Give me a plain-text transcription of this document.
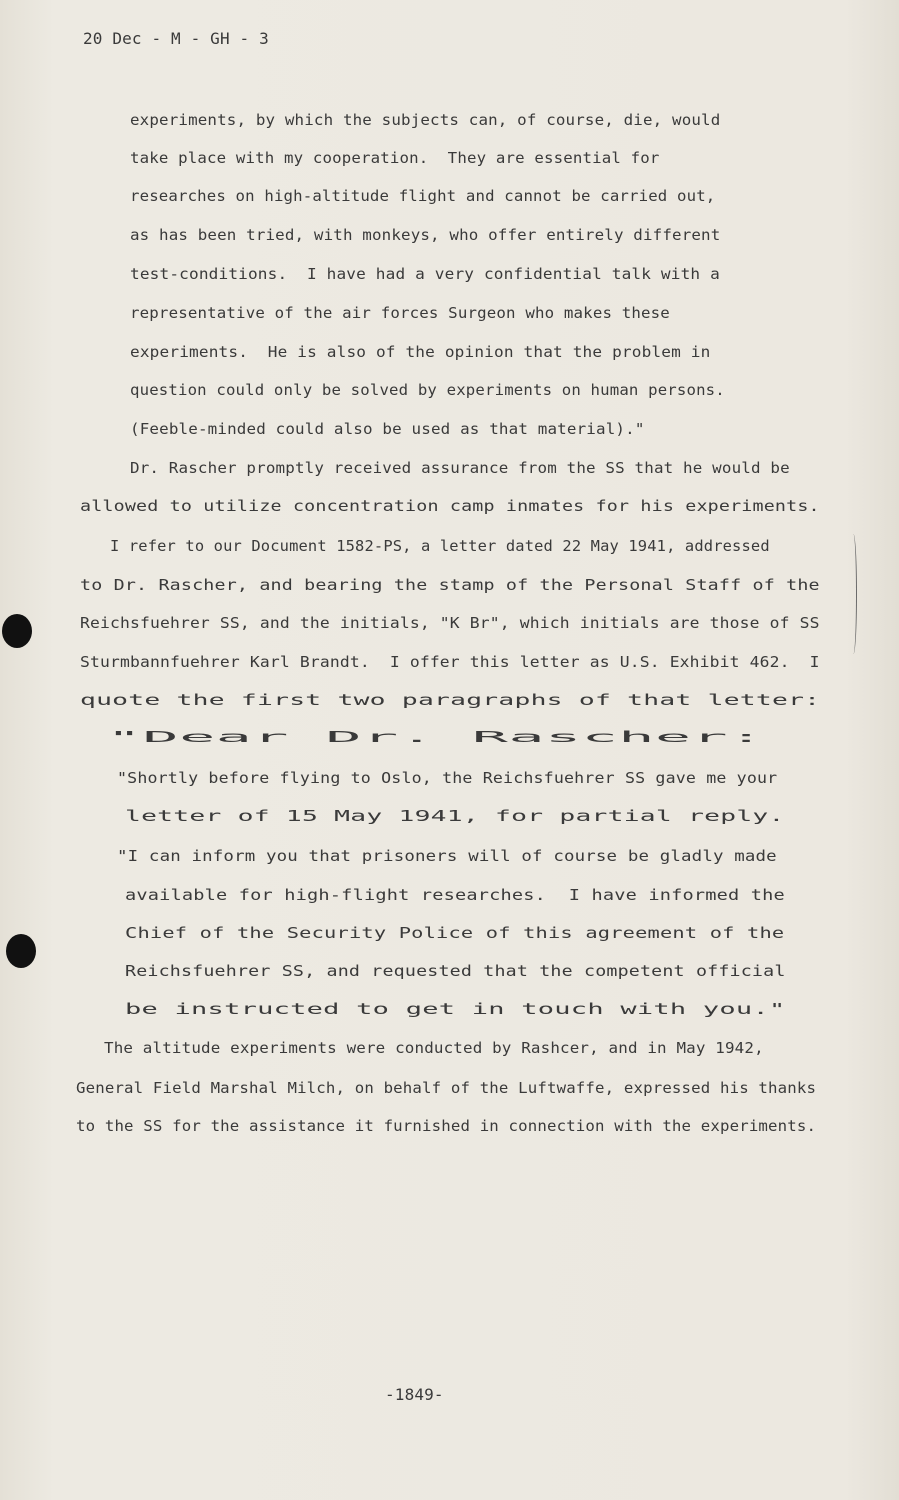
20 Dec - M - GH - 3
experiments, by which the subjects can, of course, die, would
take place with my cooperation.  They are essential for
researches on high-altitude flight and cannot be carried out,
as has been tried, with monkeys, who offer entirely different
test-conditions.  I have had a very confidential talk with a
representative of the air forces Surgeon who makes these
experiments.  He is also of the opinion that the problem in
question could only be solved by experiments on human persons.
(Feeble-minded could also be used as that material)."
Dr. Rascher promptly received assurance from the SS that he would be
allowed to utilize concentration camp inmates for his experiments.
I refer to our Document 1582-PS, a letter dated 22 May 1941, addressed
to Dr. Rascher, and bearing the stamp of the Personal Staff of the
Reichsfuehrer SS, and the initials, "K Br", which initials are those of SS
Sturmbannfuehrer Karl Brandt.  I offer this letter as U.S. Exhibit 462.  I
quote the first two paragraphs of that letter:
"Dear Dr. Rascher:
"Shortly before flying to Oslo, the Reichsfuehrer SS gave me your
letter of 15 May 1941, for partial reply.
"I can inform you that prisoners will of course be gladly made
available for high-flight researches.  I have informed the
Chief of the Security Police of this agreement of the
Reichsfuehrer SS, and requested that the competent official
be instructed to get in touch with you."
The altitude experiments were conducted by Rashcer, and in May 1942,
General Field Marshal Milch, on behalf of the Luftwaffe, expressed his thanks
to the SS for the assistance it furnished in connection with the experiments.
-1849-
